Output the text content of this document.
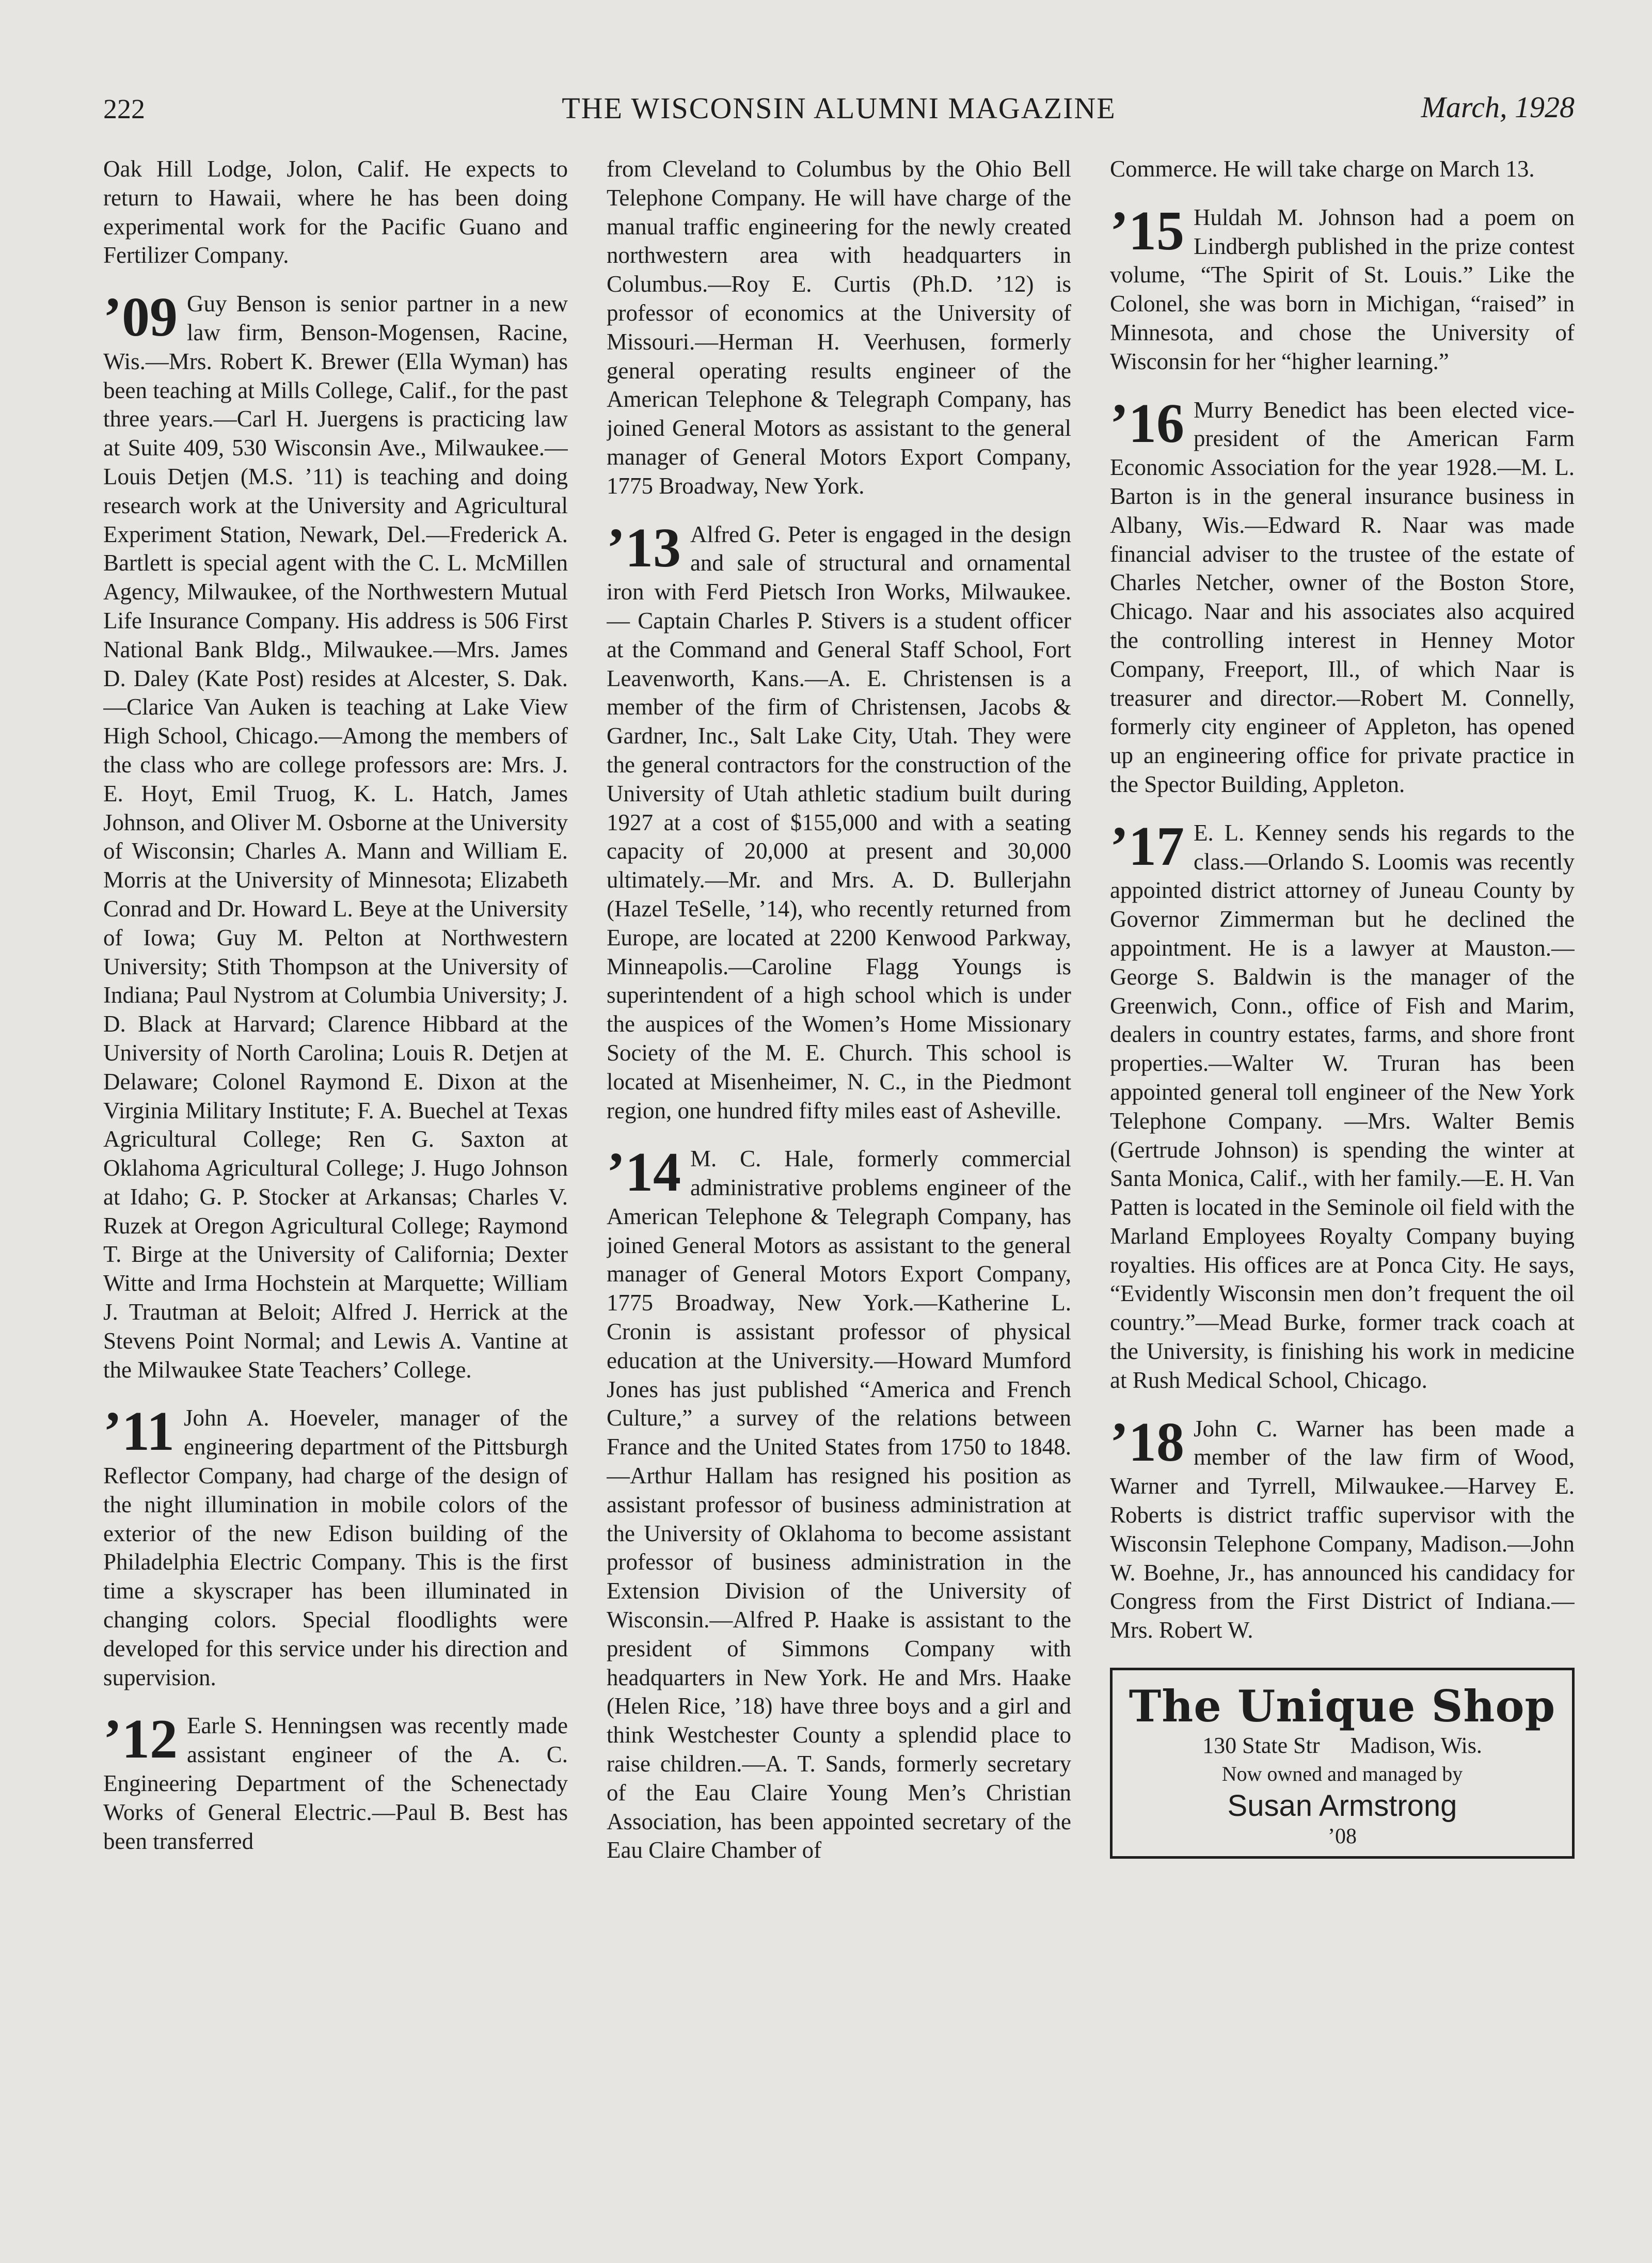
222	THE WISCONSIN ALUMNI MAGAZINE	March, 1928

Oak Hill Lodge, Jolon, Calif. He expects to return to Hawaii, where he has been doing experimental work for the Pacific Guano and Fertilizer Company.

’09 Guy Benson is senior partner in a new law firm, Benson-Mogensen, Racine, Wis.—Mrs. Robert K. Brewer (Ella Wyman) has been teaching at Mills College, Calif., for the past three years.—Carl H. Juergens is practicing law at Suite 409, 530 Wisconsin Ave., Milwaukee.—Louis Detjen (M.S. ’11) is teaching and doing research work at the University and Agricultural Experiment Station, Newark, Del.—Frederick A. Bartlett is special agent with the C. L. McMillen Agency, Milwaukee, of the Northwestern Mutual Life Insurance Company. His address is 506 First National Bank Bldg., Milwaukee.—Mrs. James D. Daley (Kate Post) resides at Alcester, S. Dak.—Clarice Van Auken is teaching at Lake View High School, Chicago.—Among the members of the class who are college professors are: Mrs. J. E. Hoyt, Emil Truog, K. L. Hatch, James Johnson, and Oliver M. Osborne at the University of Wisconsin; Charles A. Mann and William E. Morris at the University of Minnesota; Elizabeth Conrad and Dr. Howard L. Beye at the University of Iowa; Guy M. Pelton at Northwestern University; Stith Thompson at the University of Indiana; Paul Nystrom at Columbia University; J. D. Black at Harvard; Clarence Hibbard at the University of North Carolina; Louis R. Detjen at Delaware; Colonel Raymond E. Dixon at the Virginia Military Institute; F. A. Buechel at Texas Agricultural College; Ren G. Saxton at Oklahoma Agricultural College; J. Hugo Johnson at Idaho; G. P. Stocker at Arkansas; Charles V. Ruzek at Oregon Agricultural College; Raymond T. Birge at the University of California; Dexter Witte and Irma Hochstein at Marquette; William J. Trautman at Beloit; Alfred J. Herrick at the Stevens Point Normal; and Lewis A. Vantine at the Milwaukee State Teachers’ College.

’11 John A. Hoeveler, manager of the engineering department of the Pittsburgh Reflector Company, had charge of the design of the night illumination in mobile colors of the exterior of the new Edison building of the Philadelphia Electric Company. This is the first time a skyscraper has been illuminated in changing colors. Special floodlights were developed for this service under his direction and supervision.

’12 Earle S. Henningsen was recently made assistant engineer of the A. C. Engineering Department of the Schenectady Works of General Electric.—Paul B. Best has been transferred

from Cleveland to Columbus by the Ohio Bell Telephone Company. He will have charge of the manual traffic engineering for the newly created northwestern area with headquarters in Columbus.—Roy E. Curtis (Ph.D. ’12) is professor of economics at the University of Missouri.—Herman H. Veerhusen, formerly general operating results engineer of the American Telephone & Telegraph Company, has joined General Motors as assistant to the general manager of General Motors Export Company, 1775 Broadway, New York.

’13 Alfred G. Peter is engaged in the design and sale of structural and ornamental iron with Ferd Pietsch Iron Works, Milwaukee. — Captain Charles P. Stivers is a student officer at the Command and General Staff School, Fort Leavenworth, Kans.—A. E. Christensen is a member of the firm of Christensen, Jacobs & Gardner, Inc., Salt Lake City, Utah. They were the general contractors for the construction of the University of Utah athletic stadium built during 1927 at a cost of $155,000 and with a seating capacity of 20,000 at present and 30,000 ultimately.—Mr. and Mrs. A. D. Bullerjahn (Hazel TeSelle, ’14), who recently returned from Europe, are located at 2200 Kenwood Parkway, Minneapolis.—Caroline Flagg Youngs is superintendent of a high school which is under the auspices of the Women’s Home Missionary Society of the M. E. Church. This school is located at Misenheimer, N. C., in the Piedmont region, one hundred fifty miles east of Asheville.

’14 M. C. Hale, formerly commercial administrative problems engineer of the American Telephone & Telegraph Company, has joined General Motors as assistant to the general manager of General Motors Export Company, 1775 Broadway, New York.—Katherine L. Cronin is assistant professor of physical education at the University.—Howard Mumford Jones has just published “America and French Culture,” a survey of the relations between France and the United States from 1750 to 1848.—Arthur Hallam has resigned his position as assistant professor of business administration at the University of Oklahoma to become assistant professor of business administration in the Extension Division of the University of Wisconsin.—Alfred P. Haake is assistant to the president of Simmons Company with headquarters in New York. He and Mrs. Haake (Helen Rice, ’18) have three boys and a girl and think Westchester County a splendid place to raise children.—A. T. Sands, formerly secretary of the Eau Claire Young Men’s Christian Association, has been appointed secretary of the Eau Claire Chamber of

Commerce. He will take charge on March 13.

’15 Huldah M. Johnson had a poem on Lindbergh published in the prize contest volume, “The Spirit of St. Louis.” Like the Colonel, she was born in Michigan, “raised” in Minnesota, and chose the University of Wisconsin for her “higher learning.”

’16 Murry Benedict has been elected vice-president of the American Farm Economic Association for the year 1928.—M. L. Barton is in the general insurance business in Albany, Wis.—Edward R. Naar was made financial adviser to the trustee of the estate of Charles Netcher, owner of the Boston Store, Chicago. Naar and his associates also acquired the controlling interest in Henney Motor Company, Freeport, Ill., of which Naar is treasurer and director.—Robert M. Connelly, formerly city engineer of Appleton, has opened up an engineering office for private practice in the Spector Building, Appleton.

’17 E. L. Kenney sends his regards to the class.—Orlando S. Loomis was recently appointed district attorney of Juneau County by Governor Zimmerman but he declined the appointment. He is a lawyer at Mauston.—George S. Baldwin is the manager of the Greenwich, Conn., office of Fish and Marim, dealers in country estates, farms, and shore front properties.—Walter W. Truran has been appointed general toll engineer of the New York Telephone Company. —Mrs. Walter Bemis (Gertrude Johnson) is spending the winter at Santa Monica, Calif., with her family.—E. H. Van Patten is located in the Seminole oil field with the Marland Employees Royalty Company buying royalties. His offices are at Ponca City. He says, “Evidently Wisconsin men don’t frequent the oil country.”—Mead Burke, former track coach at the University, is finishing his work in medicine at Rush Medical School, Chicago.

’18 John C. Warner has been made a member of the law firm of Wood, Warner and Tyrrell, Milwaukee.—Harvey E. Roberts is district traffic supervisor with the Wisconsin Telephone Company, Madison.—John W. Boehne, Jr., has announced his candidacy for Congress from the First District of Indiana.—Mrs. Robert W.

The Unique Shop
130 State Str Madison, Wis.
Now owned and managed by
Susan Armstrong
’08
